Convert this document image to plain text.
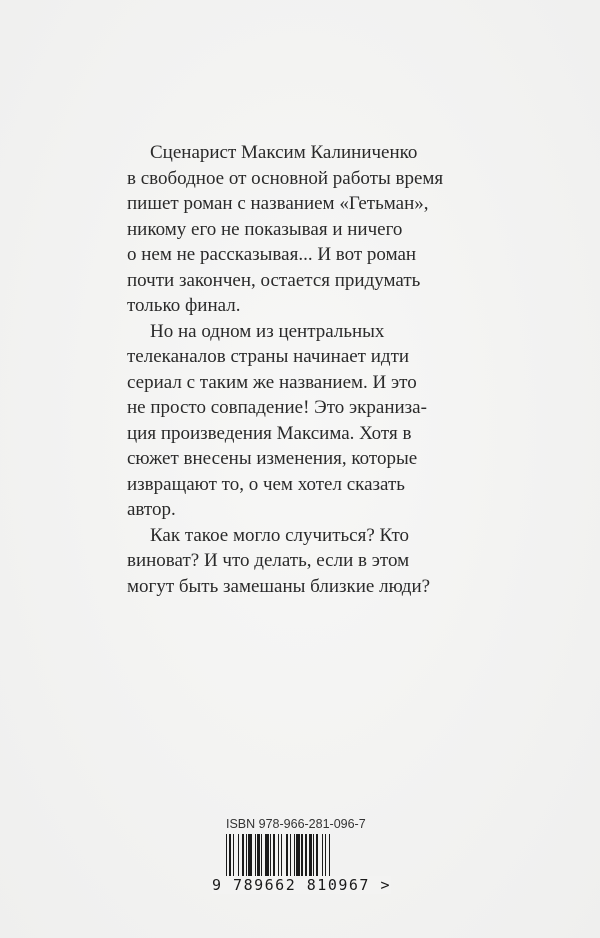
Сценарист Максим Калиниченко
в свободное от основной работы время
пишет роман с названием «Гетьман»,
никому его не показывая и ничего
о нем не рассказывая... И вот роман
почти закончен, остается придумать
только финал.
Но на одном из центральных
телеканалов страны начинает идти
сериал с таким же названием. И это
не просто совпадение! Это экраниза-
ция произведения Максима. Хотя в
сюжет внесены изменения, которые
извращают то, о чем хотел сказать
автор.
Как такое могло случиться? Кто
виноват? И что делать, если в этом
могут быть замешаны близкие люди?
ISBN 978-966-281-096-7
9 789662 810967 >
